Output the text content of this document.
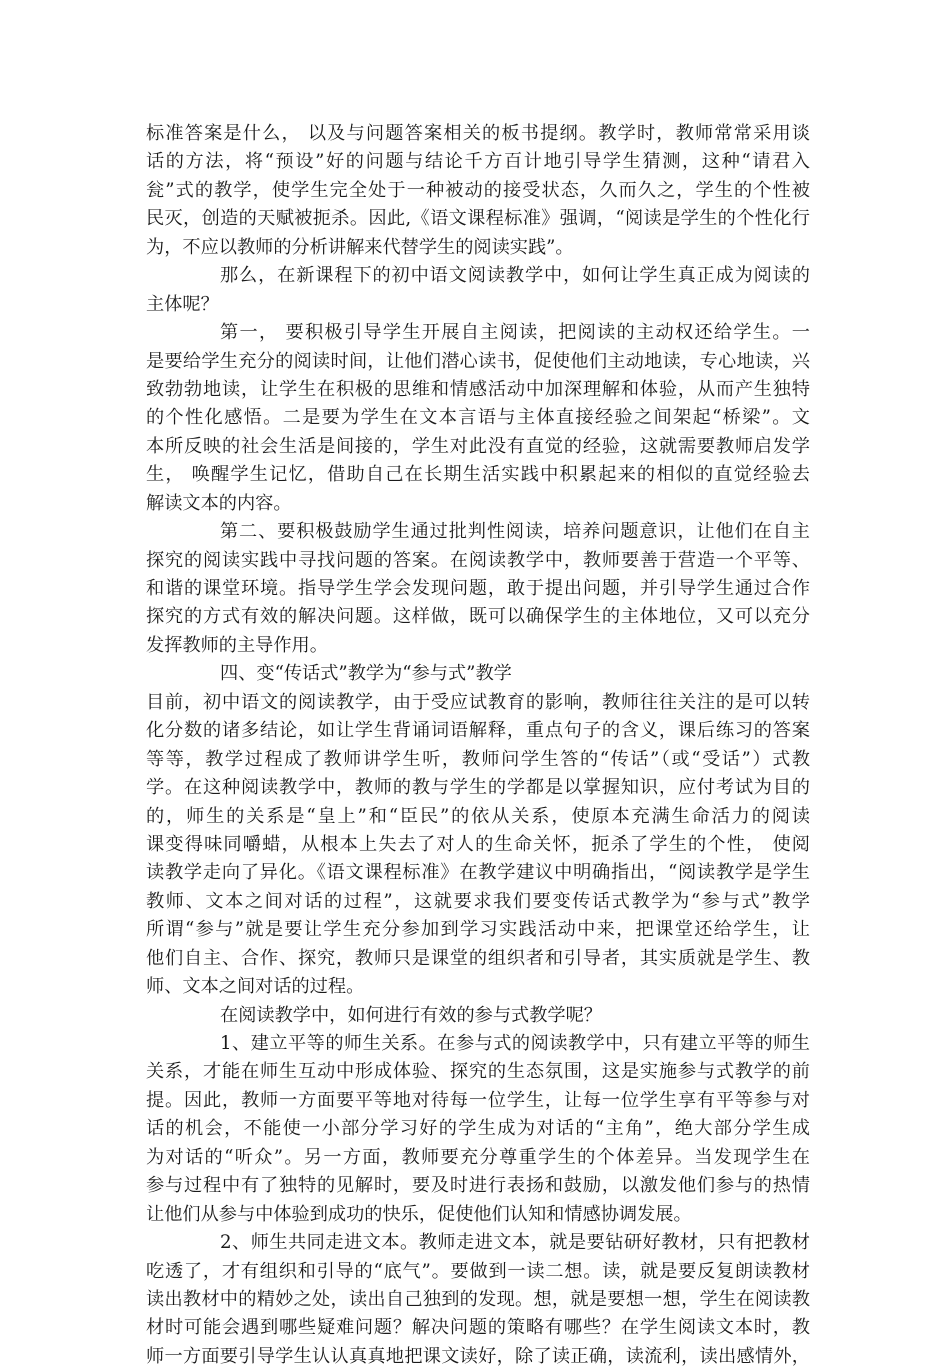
标准答案是什么， 以及与问题答案相关的板书提纲。教学时，教师常常采用谈
话的方法，将“预设”好的问题与结论千方百计地引导学生猜测，这种“请君入
瓮”式的教学，使学生完全处于一种被动的接受状态，久而久之，学生的个性被
民灭，创造的天赋被扼杀。因此,《语文课程标准》强调，“阅读是学生的个性化行
为，不应以教师的分析讲解来代替学生的阅读实践”。
那么，在新课程下的初中语文阅读教学中，如何让学生真正成为阅读的
主体呢？
第一， 要积极引导学生开展自主阅读，把阅读的主动权还给学生。一
是要给学生充分的阅读时间，让他们潜心读书，促使他们主动地读，专心地读，兴
致勃勃地读，让学生在积极的思维和情感活动中加深理解和体验，从而产生独特
的个性化感悟。二是要为学生在文本言语与主体直接经验之间架起“桥梁”。文
本所反映的社会生活是间接的，学生对此没有直觉的经验，这就需要教师启发学
生， 唤醒学生记忆，借助自己在长期生活实践中积累起来的相似的直觉经验去
解读文本的内容。
第二、要积极鼓励学生通过批判性阅读，培养问题意识，让他们在自主
探究的阅读实践中寻找问题的答案。在阅读教学中，教师要善于营造一个平等、
和谐的课堂环境。指导学生学会发现问题，敢于提出问题，并引导学生通过合作
探究的方式有效的解决问题。这样做，既可以确保学生的主体地位，又可以充分
发挥教师的主导作用。
四、变“传话式”教学为“参与式”教学
目前，初中语文的阅读教学，由于受应试教育的影响，教师往往关注的是可以转
化分数的诸多结论，如让学生背诵词语解释，重点句子的含义，课后练习的答案
等等，教学过程成了教师讲学生听，教师问学生答的“传话”（或“受话”）式教
学。在这种阅读教学中，教师的教与学生的学都是以掌握知识，应付考试为目的
的，师生的关系是“皇上”和“臣民”的依从关系，使原本充满生命活力的阅读
课变得味同嚼蜡，从根本上失去了对人的生命关怀，扼杀了学生的个性， 使阅
读教学走向了异化。《语文课程标准》在教学建议中明确指出，“阅读教学是学生
教师、文本之间对话的过程”，这就要求我们要变传话式教学为“参与式”教学
所谓“参与”就是要让学生充分参加到学习实践活动中来，把课堂还给学生，让
他们自主、合作、探究，教师只是课堂的组织者和引导者，其实质就是学生、教
师、文本之间对话的过程。
在阅读教学中，如何进行有效的参与式教学呢？
1、建立平等的师生关系。在参与式的阅读教学中，只有建立平等的师生
关系，才能在师生互动中形成体验、探究的生态氛围，这是实施参与式教学的前
提。因此，教师一方面要平等地对待每一位学生，让每一位学生享有平等参与对
话的机会，不能使一小部分学习好的学生成为对话的“主角”，绝大部分学生成
为对话的“听众”。另一方面，教师要充分尊重学生的个体差异。当发现学生在
参与过程中有了独特的见解时，要及时进行表扬和鼓励，以激发他们参与的热情
让他们从参与中体验到成功的快乐，促使他们认知和情感协调发展。
2、师生共同走进文本。教师走进文本，就是要钻研好教材，只有把教材
吃透了，才有组织和引导的“底气”。要做到一读二想。读，就是要反复朗读教材
读出教材中的精妙之处，读出自己独到的发现。想，就是要想一想，学生在阅读教
材时可能会遇到哪些疑难问题？解决问题的策略有哪些？在学生阅读文本时，教
师一方面要引导学生认认真真地把课文读好，除了读正确，读流利，读出感情外，
